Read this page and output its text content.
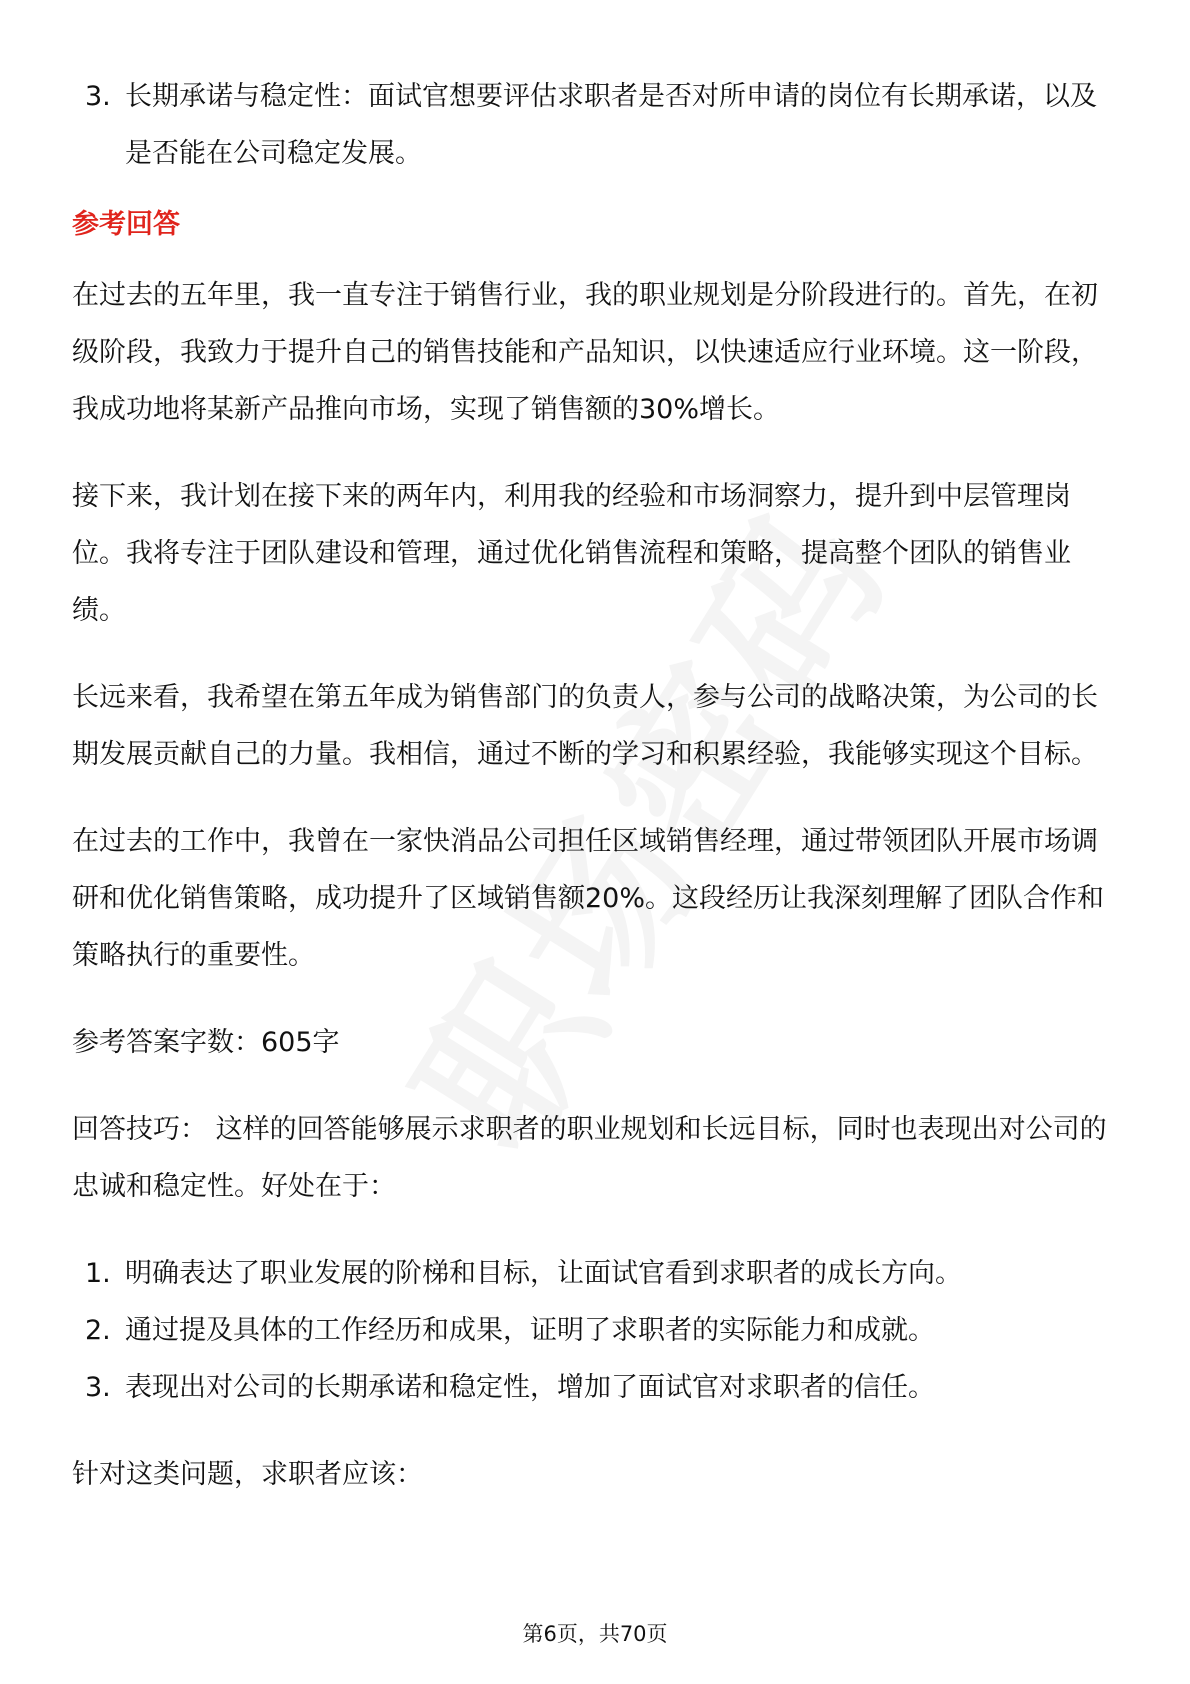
3. 长期承诺与稳定性：面试官想要评估求职者是否对所申请的岗位有长期承诺，以及是否能在公司稳定发展。
参考回答

在过去的五年里，我一直专注于销售行业，我的职业规划是分阶段进行的。首先，在初级阶段，我致力于提升自己的销售技能和产品知识，以快速适应行业环境。这一阶段，我成功地将某新产品推向市场，实现了销售额的30%增长。

接下来，我计划在接下来的两年内，利用我的经验和市场洞察力，提升到中层管理岗位。我将专注于团队建设和管理，通过优化销售流程和策略，提高整个团队的销售业绩。

长远来看，我希望在第五年成为销售部门的负责人，参与公司的战略决策，为公司的长期发展贡献自己的力量。我相信，通过不断的学习和积累经验，我能够实现这个目标。

在过去的工作中，我曾在一家快消品公司担任区域销售经理，通过带领团队开展市场调研和优化销售策略，成功提升了区域销售额20%。这段经历让我深刻理解了团队合作和策略执行的重要性。

参考答案字数：605字

回答技巧： 这样的回答能够展示求职者的职业规划和长远目标，同时也表现出对公司的忠诚和稳定性。好处在于：

1. 明确表达了职业发展的阶梯和目标，让面试官看到求职者的成长方向。
2. 通过提及具体的工作经历和成果，证明了求职者的实际能力和成就。
3. 表现出对公司的长期承诺和稳定性，增加了面试官对求职者的信任。

针对这类问题，求职者应该：

第6页，共70页
